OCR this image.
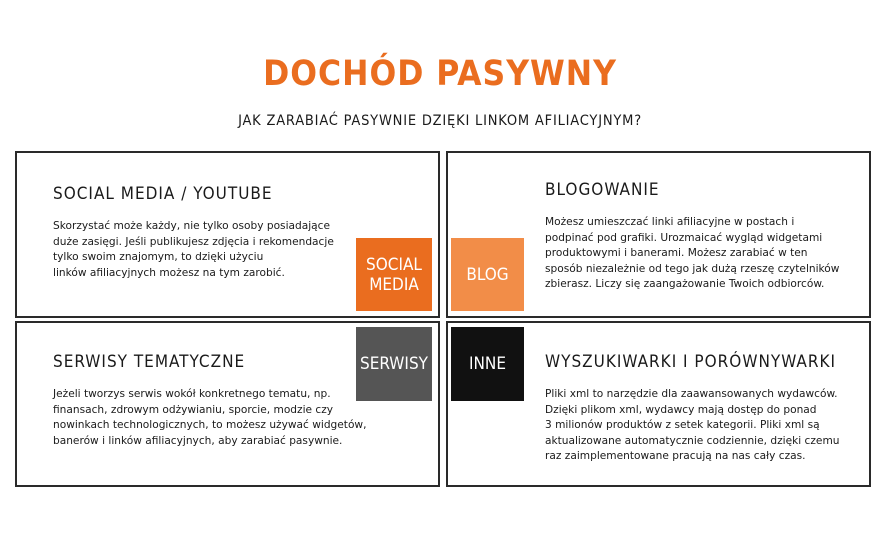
DOCHÓD PASYWNY
JAK ZARABIAĆ PASYWNIE DZIĘKI LINKOM AFILIACYJNYM?
SOCIAL MEDIA / YOUTUBE
Skorzystać może każdy, nie tylko osoby posiadające
duże zasięgi. Jeśli publikujesz zdjęcia i rekomendacje
tylko swoim znajomym, to dzięki użyciu
linków afiliacyjnych możesz na tym zarobić.
BLOGOWANIE
Możesz umieszczać linki afiliacyjne w postach i
podpinać pod grafiki. Urozmaicać wygląd widgetami
produktowymi i banerami. Możesz zarabiać w ten
sposób niezależnie od tego jak dużą rzeszę czytelników
zbierasz. Liczy się zaangażowanie Twoich odbiorców.
SERWISY TEMATYCZNE
Jeżeli tworzys serwis wokół konkretnego tematu, np.
finansach, zdrowym odżywianiu, sporcie, modzie czy
nowinkach technologicznych, to możesz używać widgetów,
banerów i linków afiliacyjnych, aby zarabiać pasywnie.
WYSZUKIWARKI I PORÓWNYWARKI
Pliki xml to narzędzie dla zaawansowanych wydawców.
Dzięki plikom xml, wydawcy mają dostęp do ponad
3 milionów produktów z setek kategorii. Pliki xml są
aktualizowane automatycznie codziennie, dzięki czemu
raz zaimplementowane pracują na nas cały czas.
SOCIAL
MEDIA	BLOG
SERWISY	INNE
